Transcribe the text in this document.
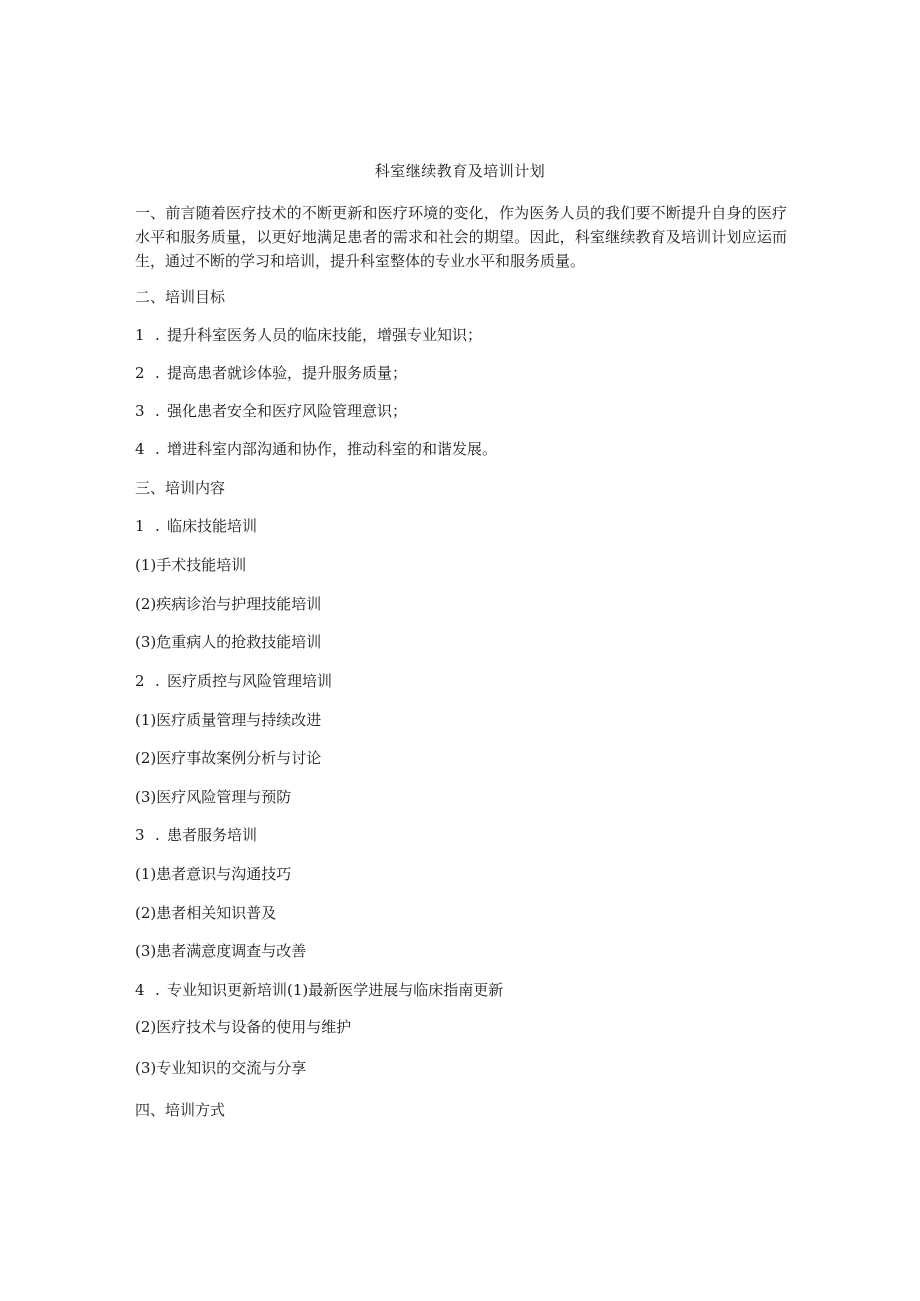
科室继续教育及培训计划
一、前言随着医疗技术的不断更新和医疗环境的变化，作为医务人员的我们要不断提升自身的医疗水平和服务质量，以更好地满足患者的需求和社会的期望。因此，科室继续教育及培训计划应运而生，通过不断的学习和培训，提升科室整体的专业水平和服务质量。
二、培训目标
1 . 提升科室医务人员的临床技能，增强专业知识；
2 . 提高患者就诊体验，提升服务质量；
3 . 强化患者安全和医疗风险管理意识；
4 . 增进科室内部沟通和协作，推动科室的和谐发展。
三、培训内容
1 . 临床技能培训
(1)手术技能培训
(2)疾病诊治与护理技能培训
(3)危重病人的抢救技能培训
2 . 医疗质控与风险管理培训
(1)医疗质量管理与持续改进
(2)医疗事故案例分析与讨论
(3)医疗风险管理与预防
3 . 患者服务培训
(1)患者意识与沟通技巧
(2)患者相关知识普及
(3)患者满意度调查与改善
4 . 专业知识更新培训(1)最新医学进展与临床指南更新
(2)医疗技术与设备的使用与维护
(3)专业知识的交流与分享
四、培训方式
